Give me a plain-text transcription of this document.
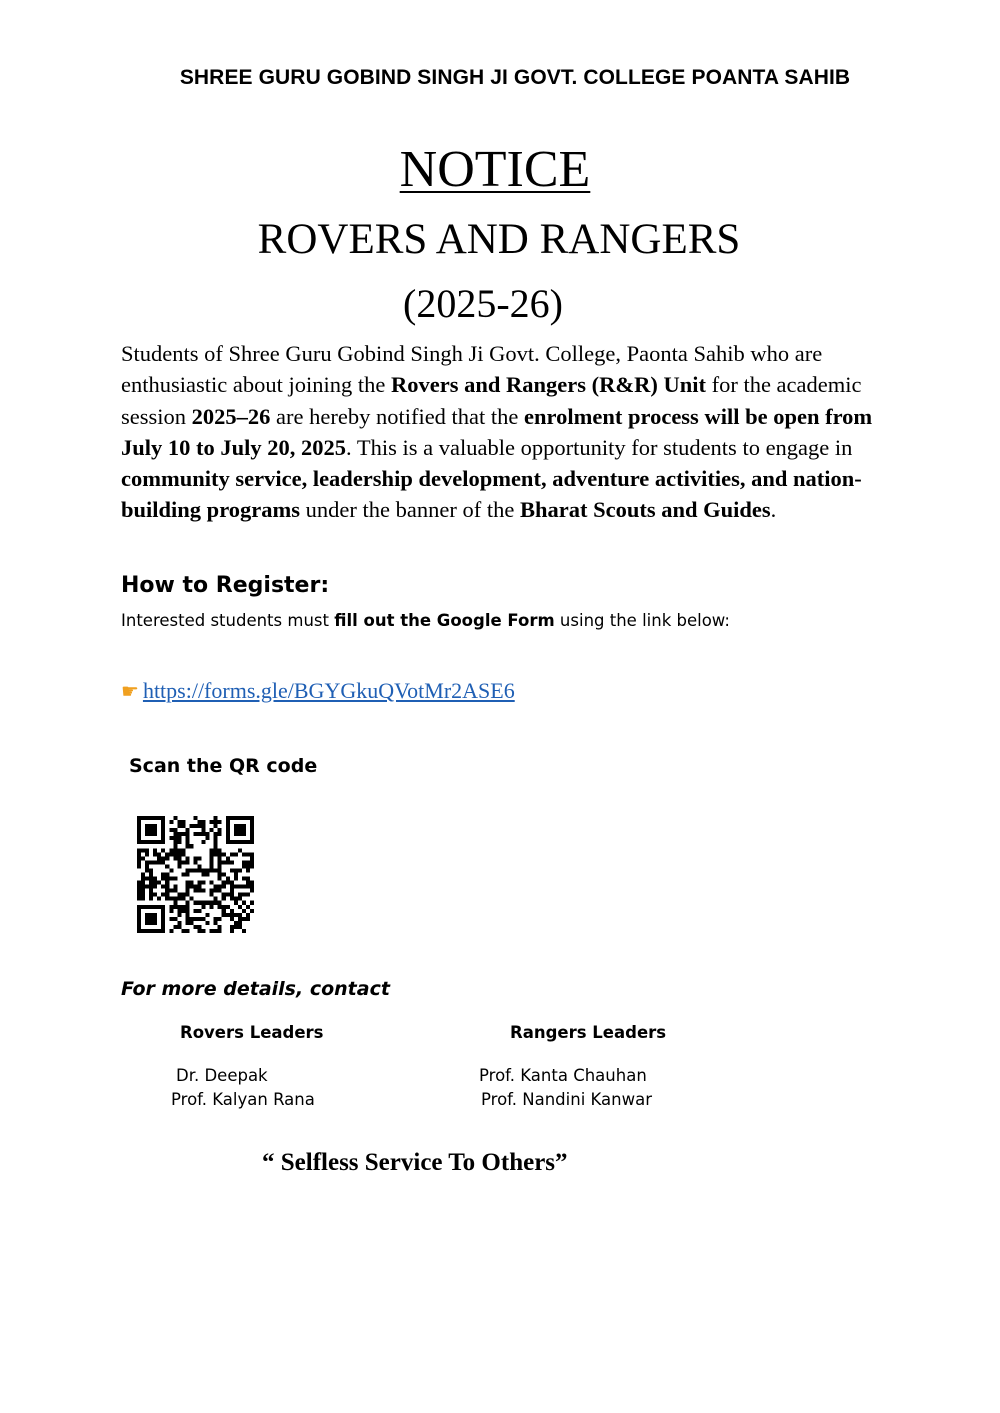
SHREE GURU GOBIND SINGH JI GOVT. COLLEGE POANTA SAHIB
NOTICE
ROVERS AND RANGERS
(2025-26)
Students of Shree Guru Gobind Singh Ji Govt. College, Paonta Sahib who are enthusiastic about joining the Rovers and Rangers (R&R) Unit for the academic session 2025–26 are hereby notified that the enrolment process will be open from July 10 to July 20, 2025. This is a valuable opportunity for students to engage in community service, leadership development, adventure activities, and nation-building programs under the banner of the Bharat Scouts and Guides.
How to Register:
Interested students must fill out the Google Form using the link below:
☛ https://forms.gle/BGYGkuQVotMr2ASE6
Scan the QR code
For more details, contact
Rovers Leaders
Dr. Deepak
Prof. Kalyan Rana
Rangers Leaders
Prof. Kanta Chauhan
Prof. Nandini Kanwar
“ Selfless Service To Others”
